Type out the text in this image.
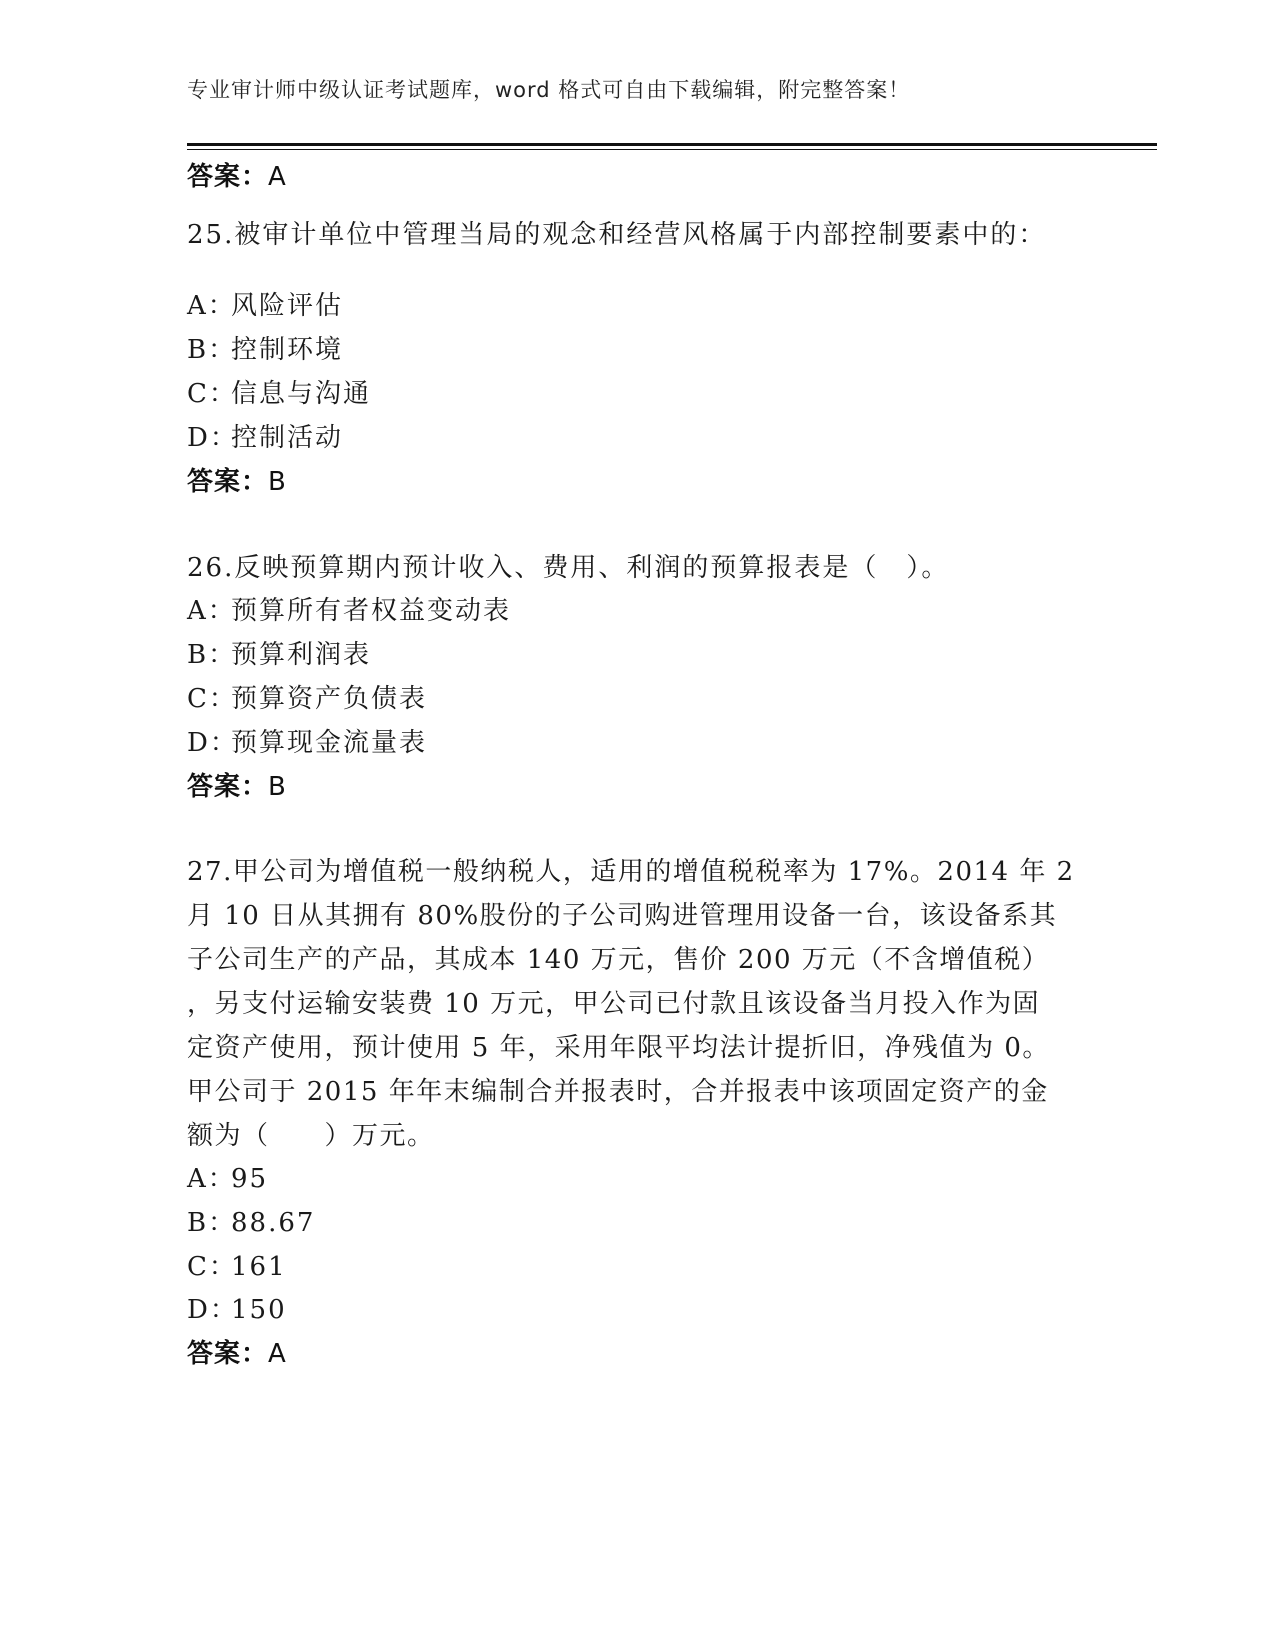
专业审计师中级认证考试题库，word 格式可自由下载编辑，附完整答案！
答案：A
25.被审计单位中管理当局的观念和经营风格属于内部控制要素中的：
A：风险评估
B：控制环境
C：信息与沟通
D：控制活动
答案：B
26.反映预算期内预计收入、费用、利润的预算报表是（　）。
A：预算所有者权益变动表
B：预算利润表
C：预算资产负债表
D：预算现金流量表
答案：B
27.甲公司为增值税一般纳税人，适用的增值税税率为 17%。2014 年 2
月 10 日从其拥有 80%股份的子公司购进管理用设备一台，该设备系其
子公司生产的产品，其成本 140 万元，售价 200 万元（不含增值税）
，另支付运输安装费 10 万元，甲公司已付款且该设备当月投入作为固
定资产使用，预计使用 5 年，采用年限平均法计提折旧，净残值为 0。
甲公司于 2015 年年末编制合并报表时，合并报表中该项固定资产的金
额为（　　）万元。
A：95
B：88.67
C：161
D：150
答案：A
